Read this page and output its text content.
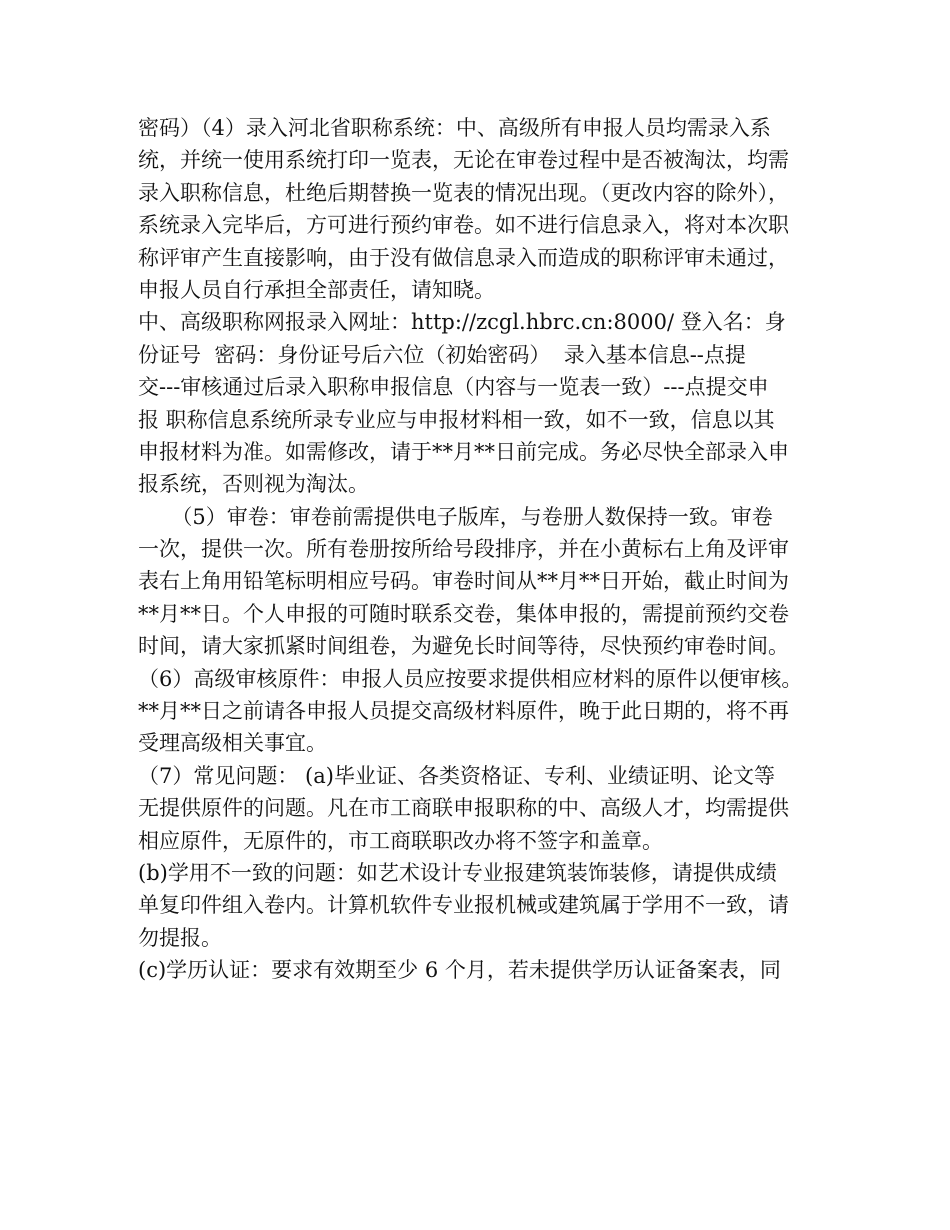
密码）（4）录入河北省职称系统：中、高级所有申报人员均需录入系
统，并统一使用系统打印一览表，无论在审卷过程中是否被淘汰，均需
录入职称信息，杜绝后期替换一览表的情况出现。（更改内容的除外），
系统录入完毕后，方可进行预约审卷。如不进行信息录入，将对本次职
称评审产生直接影响，由于没有做信息录入而造成的职称评审未通过，
申报人员自行承担全部责任，请知晓。
中、高级职称网报录入网址：http://zcgl.hbrc.cn:8000/ 登入名：身
份证号  密码：身份证号后六位（初始密码）  录入基本信息--点提
交---审核通过后录入职称申报信息（内容与一览表一致）---点提交申
报 职称信息系统所录专业应与申报材料相一致，如不一致，信息以其
申报材料为准。如需修改，请于**月**日前完成。务必尽快全部录入申
报系统，否则视为淘汰。
（5）审卷：审卷前需提供电子版库，与卷册人数保持一致。审卷
一次，提供一次。所有卷册按所给号段排序，并在小黄标右上角及评审
表右上角用铅笔标明相应号码。审卷时间从**月**日开始，截止时间为
**月**日。个人申报的可随时联系交卷，集体申报的，需提前预约交卷
时间，请大家抓紧时间组卷，为避免长时间等待，尽快预约审卷时间。
（6）高级审核原件：申报人员应按要求提供相应材料的原件以便审核。
**月**日之前请各申报人员提交高级材料原件，晚于此日期的，将不再
受理高级相关事宜。
（7）常见问题： (a)毕业证、各类资格证、专利、业绩证明、论文等
无提供原件的问题。凡在市工商联申报职称的中、高级人才，均需提供
相应原件，无原件的，市工商联职改办将不签字和盖章。
(b)学用不一致的问题：如艺术设计专业报建筑装饰装修，请提供成绩
单复印件组入卷内。计算机软件专业报机械或建筑属于学用不一致，请
勿提报。
(c)学历认证：要求有效期至少 6 个月，若未提供学历认证备案表，同
